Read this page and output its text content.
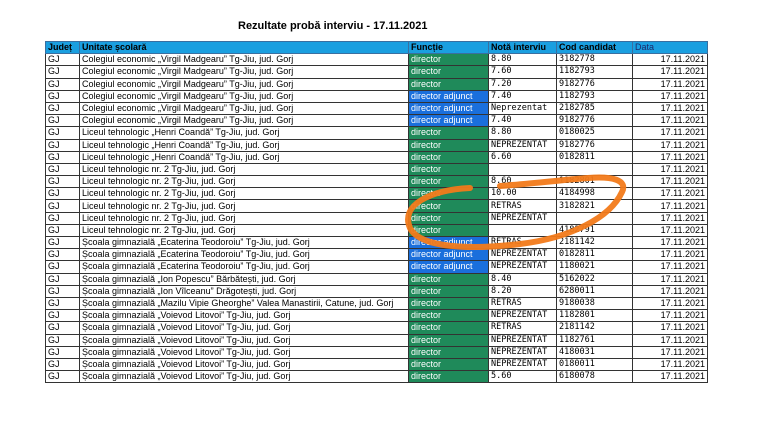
Rezultate probă interviu - 17.11.2021
Județ	Unitate școlară	Funcție	Notă interviu	Cod candidat	Data
GJ	Colegiul economic „Virgil Madgearu” Tg-Jiu, jud. Gorj	director	8.80	3182778	17.11.2021
GJ	Colegiul economic „Virgil Madgearu” Tg-Jiu, jud. Gorj	director	7.60	1182793	17.11.2021
GJ	Colegiul economic „Virgil Madgearu” Tg-Jiu, jud. Gorj	director	7.20	9182776	17.11.2021
GJ	Colegiul economic „Virgil Madgearu” Tg-Jiu, jud. Gorj	director adjunct	7.40	1182793	17.11.2021
GJ	Colegiul economic „Virgil Madgearu” Tg-Jiu, jud. Gorj	director adjunct	Neprezentat	2182785	17.11.2021
GJ	Colegiul economic „Virgil Madgearu” Tg-Jiu, jud. Gorj	director adjunct	7.40	9182776	17.11.2021
GJ	Liceul tehnologic „Henri Coandă” Tg-Jiu, jud. Gorj	director	8.80	0180025	17.11.2021
GJ	Liceul tehnologic „Henri Coandă” Tg-Jiu, jud. Gorj	director	NEPREZENTAT	9182776	17.11.2021
GJ	Liceul tehnologic „Henri Coandă” Tg-Jiu, jud. Gorj	director	6.60	0182811	17.11.2021
GJ	Liceul tehnologic nr. 2 Tg-Jiu, jud. Gorj	director			17.11.2021
GJ	Liceul tehnologic nr. 2 Tg-Jiu, jud. Gorj	director	8.60	1182801	17.11.2021
GJ	Liceul tehnologic nr. 2 Tg-Jiu, jud. Gorj	director	10.00	4184998	17.11.2021
GJ	Liceul tehnologic nr. 2 Tg-Jiu, jud. Gorj	director	RETRAS	3182821	17.11.2021
GJ	Liceul tehnologic nr. 2 Tg-Jiu, jud. Gorj	director	NEPREZENTAT		17.11.2021
GJ	Liceul tehnologic nr. 2 Tg-Jiu, jud. Gorj	director		4182791	17.11.2021
GJ	Școala gimnazială „Ecaterina Teodoroiu” Tg-Jiu, jud. Gorj	director adjunct	RETRAS	2181142	17.11.2021
GJ	Școala gimnazială „Ecaterina Teodoroiu” Tg-Jiu, jud. Gorj	director adjunct	NEPREZENTAT	0182811	17.11.2021
GJ	Școala gimnazială „Ecaterina Teodoroiu” Tg-Jiu, jud. Gorj	director adjunct	NEPREZENTAT	1180021	17.11.2021
GJ	Școala gimnazială „Ion Popescu” Bărbătești, jud. Gorj	director	8.40	5162022	17.11.2021
GJ	Școala gimnazială „Ion Vîlceanu” Drăgotești, jud. Gorj	director	8.20	6280011	17.11.2021
GJ	Școala gimnazială „Mazilu Vipie Gheorghe” Valea Manastirii, Catune, jud. Gorj	director	RETRAS	9180038	17.11.2021
GJ	Școala gimnazială „Voievod Litovoi” Tg-Jiu, jud. Gorj	director	NEPREZENTAT	1182801	17.11.2021
GJ	Școala gimnazială „Voievod Litovoi” Tg-Jiu, jud. Gorj	director	RETRAS	2181142	17.11.2021
GJ	Școala gimnazială „Voievod Litovoi” Tg-Jiu, jud. Gorj	director	NEPREZENTAT	1182761	17.11.2021
GJ	Școala gimnazială „Voievod Litovoi” Tg-Jiu, jud. Gorj	director	NEPREZENTAT	4180031	17.11.2021
GJ	Școala gimnazială „Voievod Litovoi” Tg-Jiu, jud. Gorj	director	NEPREZENTAT	0180011	17.11.2021
GJ	Școala gimnazială „Voievod Litovoi” Tg-Jiu, jud. Gorj	director	5.60	6180078	17.11.2021
